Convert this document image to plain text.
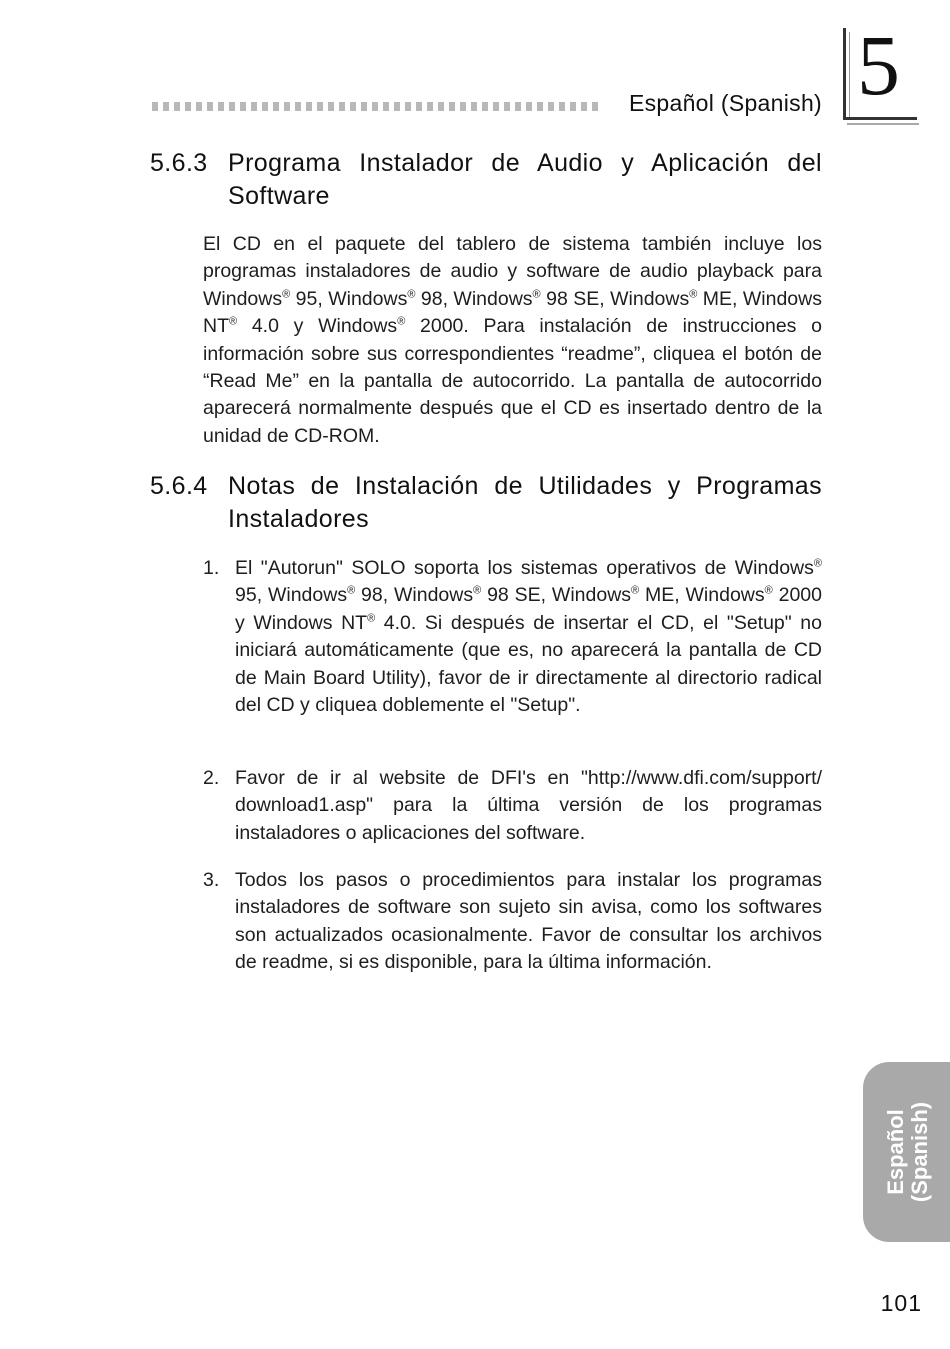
Español (Spanish) 5
5.6.3 Programa Instalador de Audio y Aplicación del Software
El CD en el paquete del tablero de sistema también incluye los programas instaladores de audio y software de audio playback para Windows® 95, Windows® 98, Windows® 98 SE, Windows® ME, Windows NT® 4.0 y Windows® 2000. Para instalación de instrucciones o información sobre sus correspondientes “readme”, cliquea el botón de “Read Me” en la pantalla de autocorrido. La pantalla de autocorrido aparecerá normalmente después que el CD es insertado dentro de la unidad de CD-ROM.
5.6.4 Notas de Instalación de Utilidades y Programas Instaladores
1. El "Autorun" SOLO soporta los sistemas operativos de Windows® 95, Windows® 98, Windows® 98 SE, Windows® ME, Windows® 2000 y Windows NT® 4.0. Si después de insertar el CD, el "Setup" no iniciará automáticamente (que es, no aparecerá la pantalla de CD de Main Board Utility), favor de ir directamente al directorio radical del CD y cliquea doblemente el "Setup".
2. Favor de ir al website de DFI's en "http://www.dfi.com/support/ download1.asp" para la última versión de los programas instaladores o aplicaciones del software.
3. Todos los pasos o procedimientos para instalar los programas instaladores de software son sujeto sin avisa, como los softwares son actualizados ocasionalmente. Favor de consultar los archivos de readme, si es disponible, para la última información.
Español (Spanish)
101
